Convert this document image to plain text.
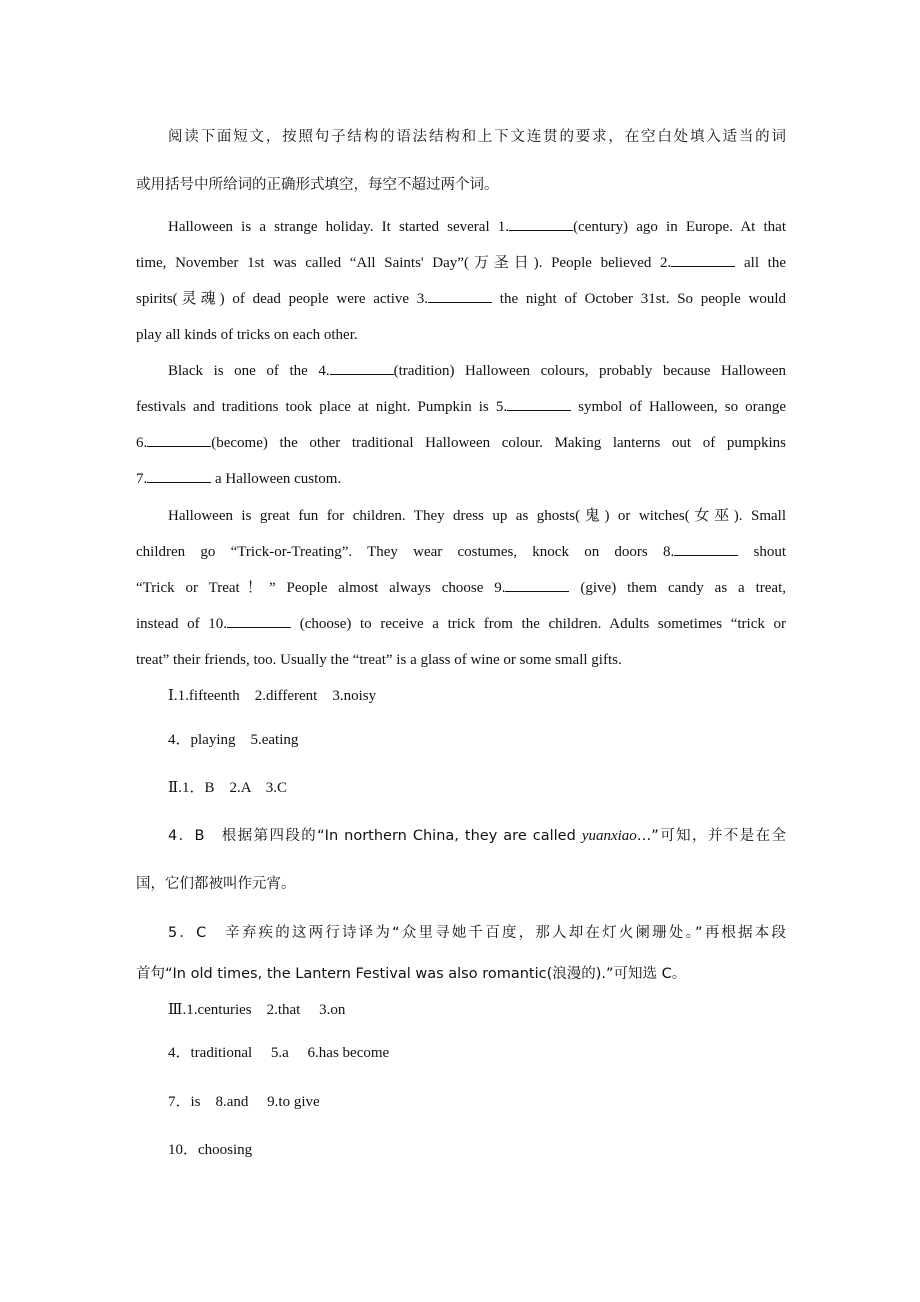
阅读下面短文，按照句子结构的语法结构和上下文连贯的要求，在空白处填入适当的词
或用括号中所给词的正确形式填空，每空不超过两个词。
Halloween is a strange holiday. It started several 1.	(century) ago in Europe. At that
time, November 1st was called “All Saints' Day”(万圣日). People believed 2.	all the
spirits(灵魂) of dead people were active 3.	the night of October 31st. So people would
play all kinds of tricks on each other.
Black is one of the 4.	(tradition) Halloween colours, probably because Halloween
festivals and traditions took place at night. Pumpkin is 5.	symbol of Halloween, so orange
6.	(become) the other traditional Halloween colour. Making lanterns out of pumpkins
7.	a Halloween custom.
Halloween is great fun for children. They dress up as ghosts(鬼) or witches(女巫). Small
children go “Trick-or-Treating”. They wear costumes, knock on doors 8.	shout
“Trick or Treat！” People almost always choose 9.	(give) them candy as a treat,
instead of 10.	(choose) to receive a trick from the children. Adults sometimes “trick or
treat” their friends, too. Usually the “treat” is a glass of wine or some small gifts.
Ⅰ.1.fifteenth　2.different　3.noisy
4．playing　5.eating
Ⅱ.1．B　2.A　3.C
4．B　根据第四段的“In northern China, they are called yuanxiao…”可知，并不是在全
国，它们都被叫作元宵。
5．C　辛弃疾的这两行诗译为“众里寻她千百度，那人却在灯火阑珊处。”再根据本段
首句“In old times, the Lantern Festival was also romantic(浪漫的).”可知选 C。
Ⅲ.1.centuries　2.that　 3.on
4．traditional　 5.a　 6.has become
7．is　8.and　 9.to give
10．choosing
